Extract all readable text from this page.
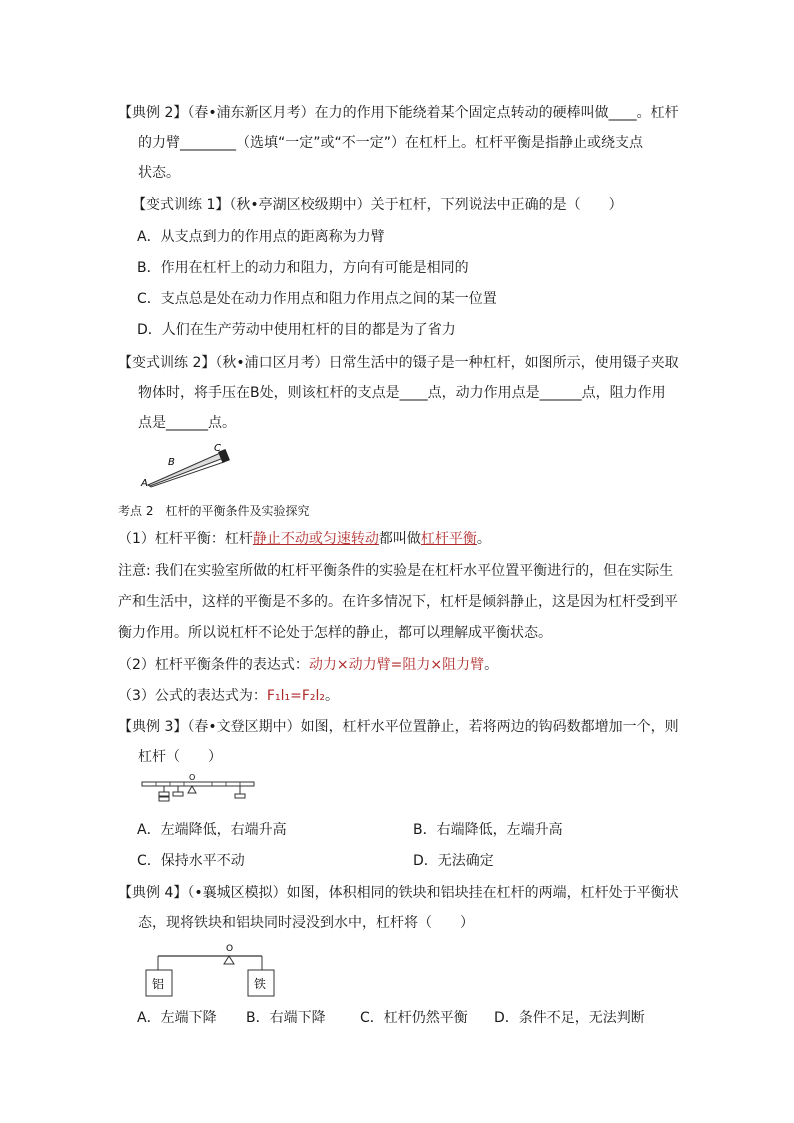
【典例 2】（春•浦东新区月考）在力的作用下能绕着某个固定点转动的硬棒叫做____。杠杆
的力臂________（选填“一定”或“不一定”）在杠杆上。杠杆平衡是指静止或绕支点
状态。
【变式训练 1】（秋•亭湖区校级期中）关于杠杆，下列说法中正确的是（　　）
A．从支点到力的作用点的距离称为力臂
B．作用在杠杆上的动力和阻力，方向有可能是相同的
C．支点总是处在动力作用点和阻力作用点之间的某一位置
D．人们在生产劳动中使用杠杆的目的都是为了省力
【变式训练 2】（秋•浦口区月考）日常生活中的镊子是一种杠杆，如图所示，使用镊子夹取
物体时，将手压在B处，则该杠杆的支点是____点，动力作用点是______点，阻力作用
点是______点。
A
B
C
考点 2　杠杆的平衡条件及实验探究
（1）杠杆平衡：杠杆静止不动或匀速转动都叫做杠杆平衡。
注意: 我们在实验室所做的杠杆平衡条件的实验是在杠杆水平位置平衡进行的，但在实际生
产和生活中，这样的平衡是不多的。在许多情况下，杠杆是倾斜静止，这是因为杠杆受到平
衡力作用。所以说杠杆不论处于怎样的静止，都可以理解成平衡状态。
（2）杠杆平衡条件的表达式：动力×动力臂=阻力×阻力臂。
（3）公式的表达式为：F₁l₁=F₂l₂。
【典例 3】（春•文登区期中）如图，杠杆水平位置静止，若将两边的钩码数都增加一个，则
杠杆（　　）
O
A．左端降低，右端升高	B．右端降低，左端升高
C．保持水平不动	D．无法确定
【典例 4】（•襄城区模拟）如图，体积相同的铁块和铝块挂在杠杆的两端，杠杆处于平衡状
态，现将铁块和铝块同时浸没到水中，杠杆将（　　）
O
铝	铁
A．左端下降 B．右端下降 C．杠杆仍然平衡 D．条件不足，无法判断
